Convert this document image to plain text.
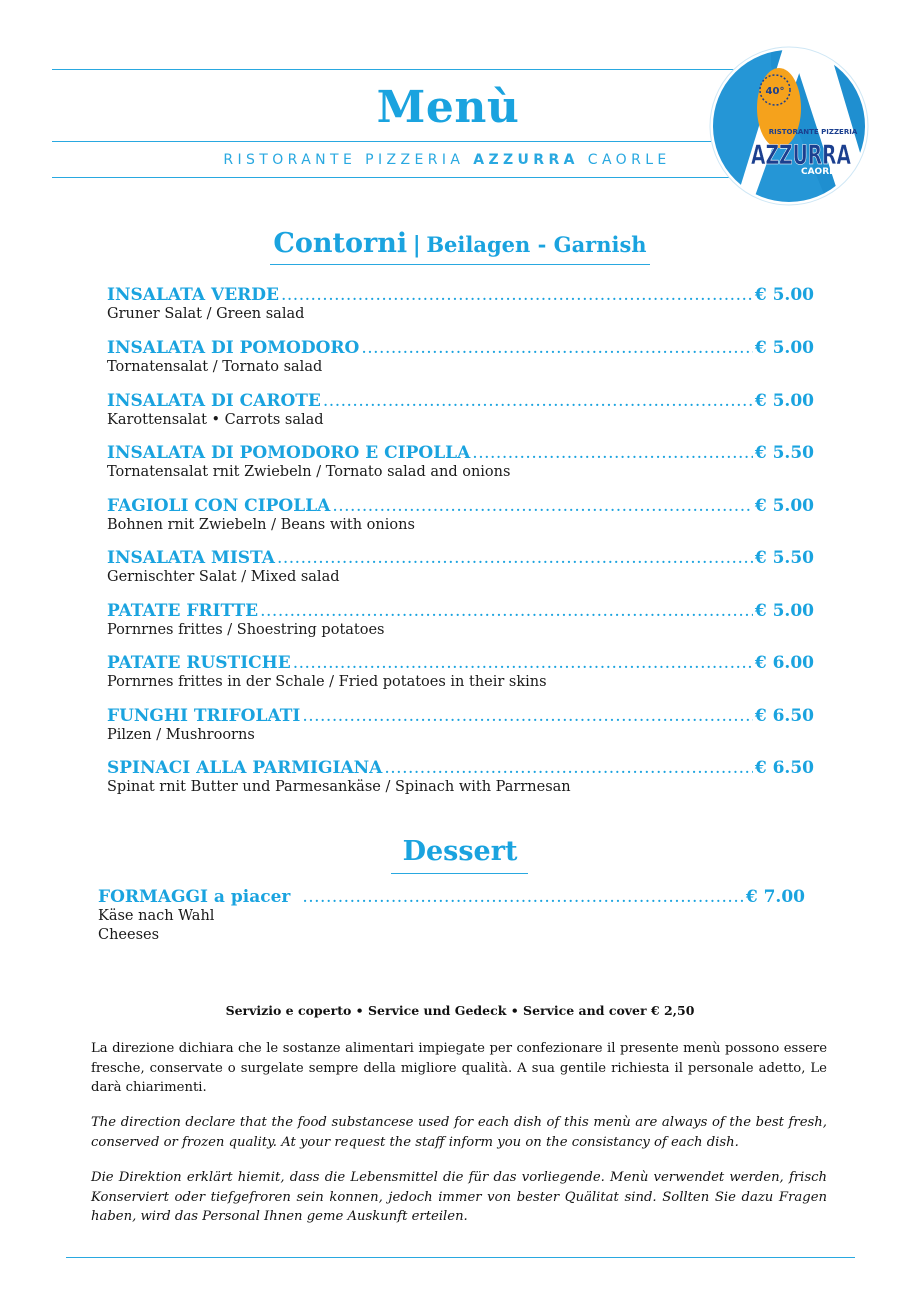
Menù
RISTORANTE PIZZERIA AZZURRA CAORLE
40°
RISTORANTE PIZZERIA
AZZURRA
CAORLE
Contorni | Beilagen - Garnish
INSALATA VERDE .....	€ 5.00
Gruner Salat / Green salad
INSALATA DI POMODORO .....	€ 5.00
Tornatensalat / Tornato salad
INSALATA DI CAROTE .....	€ 5.00
Karottensalat • Carrots salad
INSALATA DI POMODORO E CIPOLLA .....	€ 5.50
Tornatensalat rnit Zwiebeln / Tornato salad and onions
FAGIOLI CON CIPOLLA .....	€ 5.00
Bohnen rnit Zwiebeln / Beans with onions
INSALATA MISTA .....	€ 5.50
Gernischter Salat / Mixed salad
PATATE FRITTE .....	€ 5.00
Pornrnes frittes / Shoestring potatoes
PATATE RUSTICHE .....	€ 6.00
Pornrnes frittes in der Schale / Fried potatoes in their skins
FUNGHI TRIFOLATI .....	€ 6.50
Pilzen / Mushroorns
SPINACI ALLA PARMIGIANA .....	€ 6.50
Spinat rnit Butter und Parmesankäse / Spinach with Parrnesan
Dessert
FORMAGGI a piacer .....	€ 7.00
Käse nach Wahl
Cheeses
Servizio e coperto • Service und Gedeck • Service and cover € 2,50
La direzione dichiara che le sostanze alimentari impiegate per confezionare il presente menù possono essere fresche, conservate o surgelate sempre della migliore qualità. A sua gentile richiesta il personale adetto, Le darà chiarimenti.
The direction declare that the food substancese used for each dish of this menù are always of the best fresh, conserved or frozen quality. At your request the staff inform you on the consistancy of each dish.
Die Direktion erklärt hiemit, dass die Lebensmittel die für das vorliegende. Menù verwendet werden, frisch Konserviert oder tiefgefroren sein konnen, jedoch immer von bester Quälitat sind. Sollten Sie dazu Fragen haben, wird das Personal Ihnen geme Auskunft erteilen.
